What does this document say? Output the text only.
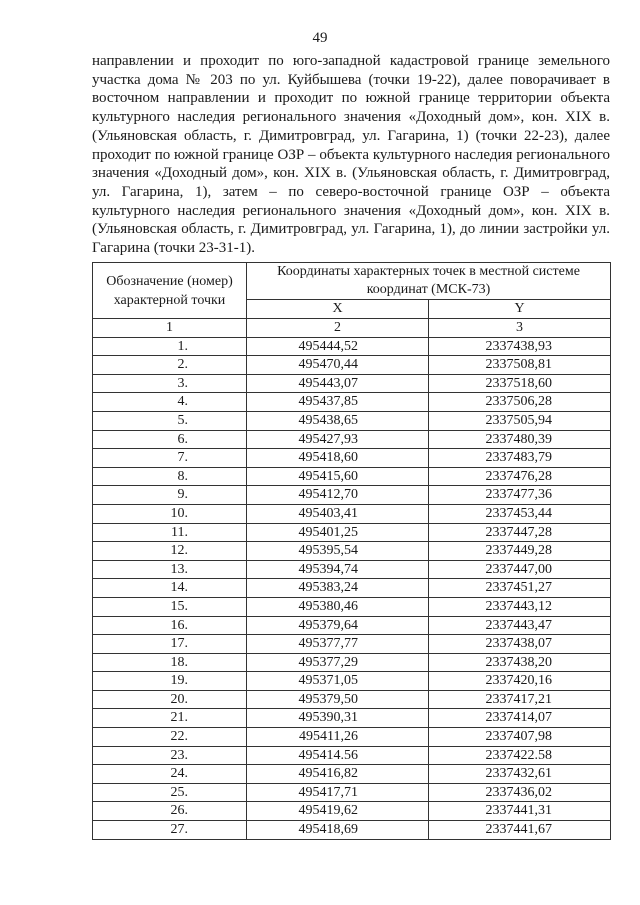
49
направлении и проходит по юго-западной кадастровой границе земельного участка дома № 203 по ул. Куйбышева (точки 19-22), далее поворачивает в восточном направлении и проходит по южной границе территории объекта культурного наследия регионального значения «Доходный дом», кон. XIX в. (Ульяновская область, г. Димитровград, ул. Гагарина, 1) (точки 22-23), далее проходит по южной границе ОЗР – объекта культурного наследия регионального значения «Доходный дом», кон. XIX в. (Ульяновская область, г. Димитровград, ул. Гагарина, 1), затем – по северо-восточной границе ОЗР – объекта культурного наследия регионального значения «Доходный дом», кон. XIX в. (Ульяновская область, г. Димитровград, ул. Гагарина, 1), до линии застройки ул. Гагарина (точки 23-31-1).
Обозначение (номер) характерной точки	Координаты характерных точек в местной системе координат (МСК-73)	
	X	Y
1	2	3
1.	495444,52	2337438,93
2.	495470,44	2337508,81
3.	495443,07	2337518,60
4.	495437,85	2337506,28
5.	495438,65	2337505,94
6.	495427,93	2337480,39
7.	495418,60	2337483,79
8.	495415,60	2337476,28
9.	495412,70	2337477,36
10.	495403,41	2337453,44
11.	495401,25	2337447,28
12.	495395,54	2337449,28
13.	495394,74	2337447,00
14.	495383,24	2337451,27
15.	495380,46	2337443,12
16.	495379,64	2337443,47
17.	495377,77	2337438,07
18.	495377,29	2337438,20
19.	495371,05	2337420,16
20.	495379,50	2337417,21
21.	495390,31	2337414,07
22.	495411,26	2337407,98
23.	495414.56	2337422.58
24.	495416,82	2337432,61
25.	495417,71	2337436,02
26.	495419,62	2337441,31
27.	495418,69	2337441,67
